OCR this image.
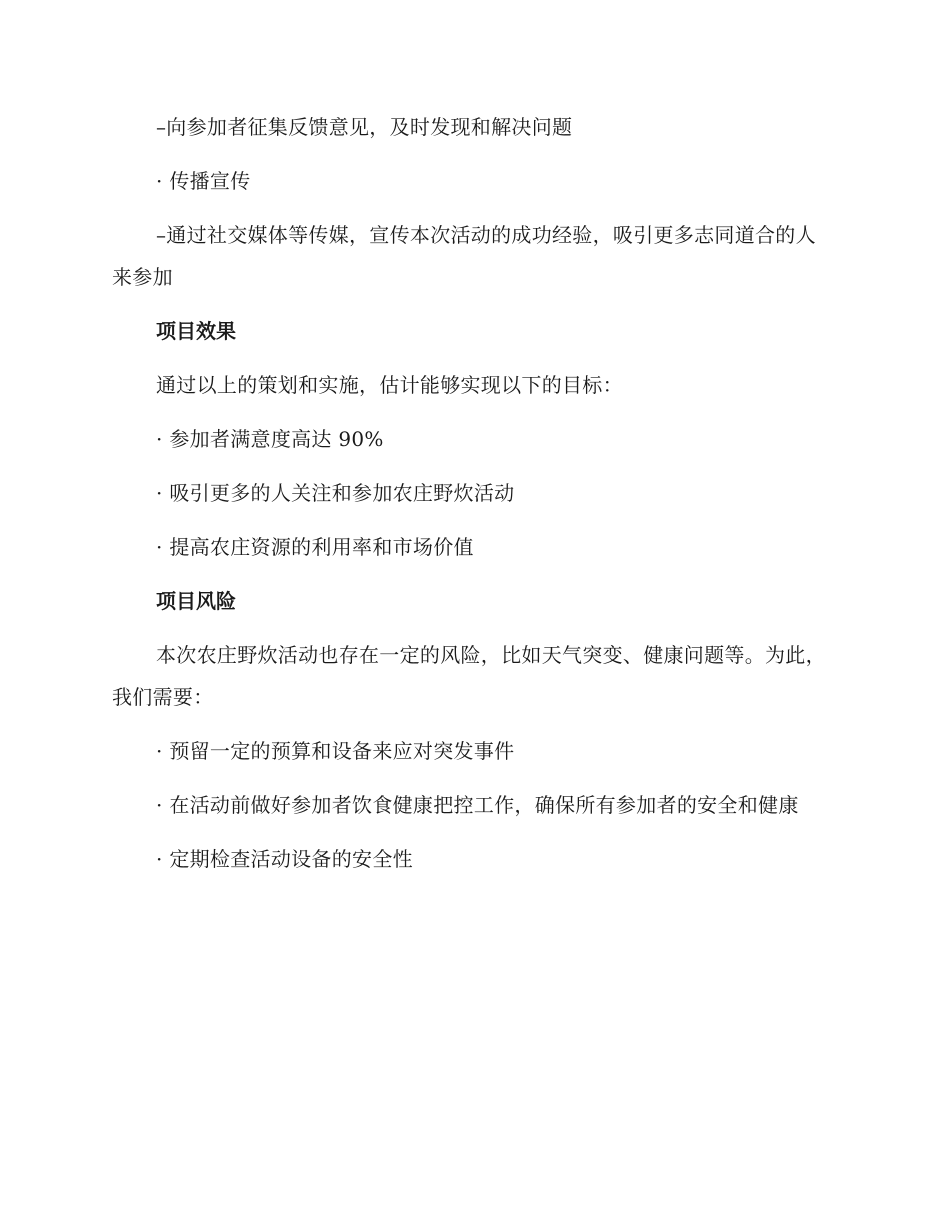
–向参加者征集反馈意见，及时发现和解决问题

· 传播宣传

–通过社交媒体等传媒，宣传本次活动的成功经验，吸引更多志同道合的人来参加

项目效果

通过以上的策划和实施，估计能够实现以下的目标：

· 参加者满意度高达 90%

· 吸引更多的人关注和参加农庄野炊活动

· 提高农庄资源的利用率和市场价值

项目风险

本次农庄野炊活动也存在一定的风险，比如天气突变、健康问题等。为此，我们需要：

· 预留一定的预算和设备来应对突发事件

· 在活动前做好参加者饮食健康把控工作，确保所有参加者的安全和健康

· 定期检查活动设备的安全性
